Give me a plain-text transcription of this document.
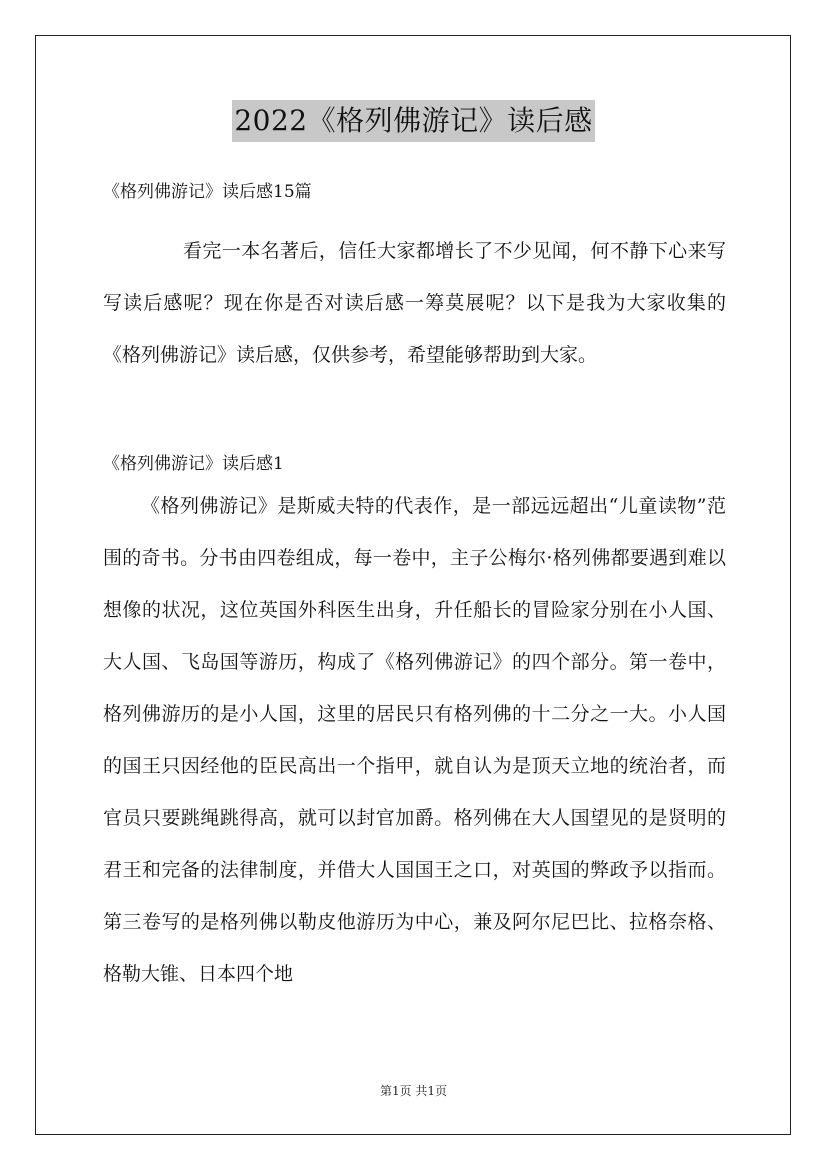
2022《格列佛游记》读后感
《格列佛游记》读后感15篇
看完一本名著后，信任大家都增长了不少见闻，何不静下心来写写读后感呢？现在你是否对读后感一筹莫展呢？以下是我为大家收集的《格列佛游记》读后感，仅供参考，希望能够帮助到大家。
《格列佛游记》读后感1
《格列佛游记》是斯威夫特的代表作，是一部远远超出“儿童读物”范围的奇书。分书由四卷组成，每一卷中，主子公梅尔·格列佛都要遇到难以想像的状况，这位英国外科医生出身，升任船长的冒险家分别在小人国、大人国、飞岛国等游历，构成了《格列佛游记》的四个部分。第一卷中，格列佛游历的是小人国，这里的居民只有格列佛的十二分之一大。小人国的国王只因经他的臣民高出一个指甲，就自认为是顶天立地的统治者，而官员只要跳绳跳得高，就可以封官加爵。格列佛在大人国望见的是贤明的君王和完备的法律制度，并借大人国国王之口，对英国的弊政予以指而。第三卷写的是格列佛以勒皮他游历为中心，兼及阿尔尼巴比、拉格奈格、格勒大锥、日本四个地
第1页 共1页
